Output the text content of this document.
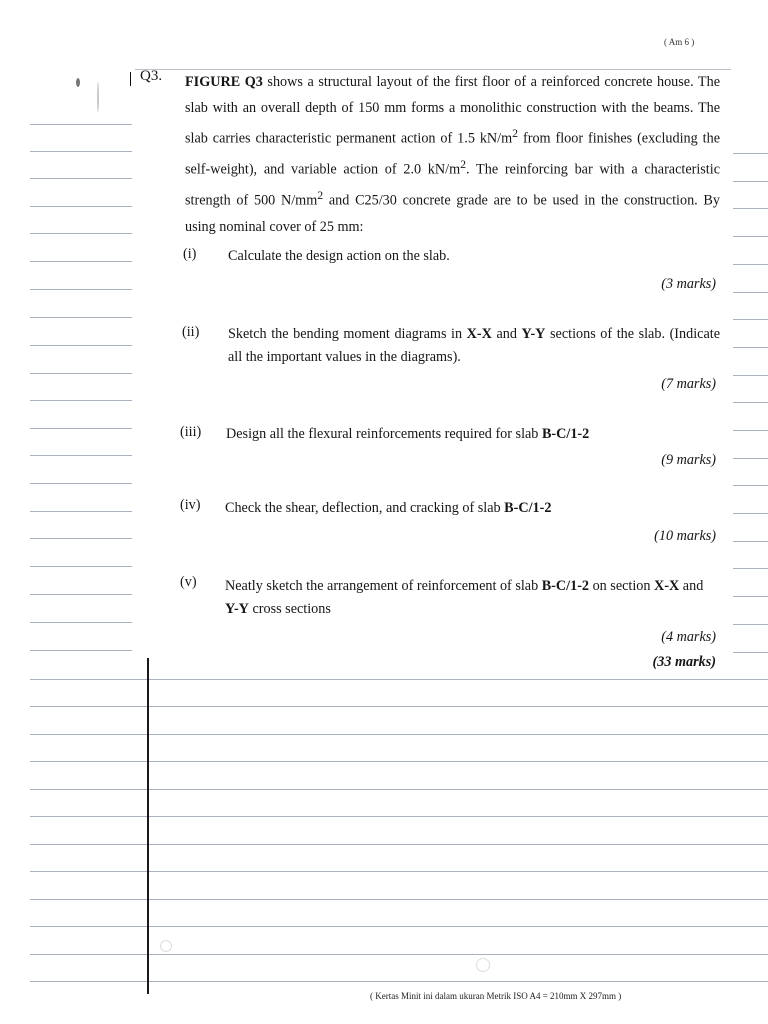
( Am 6 )
Q3. FIGURE Q3 shows a structural layout of the first floor of a reinforced concrete house. The slab with an overall depth of 150 mm forms a monolithic construction with the beams. The slab carries characteristic permanent action of 1.5 $kN/m^2$ from floor finishes (excluding the self-weight), and variable action of 2.0 $kN/m^2$. The reinforcing bar with a characteristic strength of 500 $N/mm^2$ and C25/30 concrete grade are to be used in the construction. By using nominal cover of 25 mm:
(i) Calculate the design action on the slab.
(3 marks)
(ii) Sketch the bending moment diagrams in X-X and Y-Y sections of the slab. (Indicate all the important values in the diagrams).
(7 marks)
(iii) Design all the flexural reinforcements required for slab B-C/1-2
(9 marks)
(iv) Check the shear, deflection, and cracking of slab B-C/1-2
(10 marks)
(v) Neatly sketch the arrangement of reinforcement of slab B-C/1-2 on section X-X and Y-Y cross sections
(4 marks)
(33 marks)
( Kertas Minit ini dalam ukuran Metrik ISO A4 = 210mm X 297mm )
